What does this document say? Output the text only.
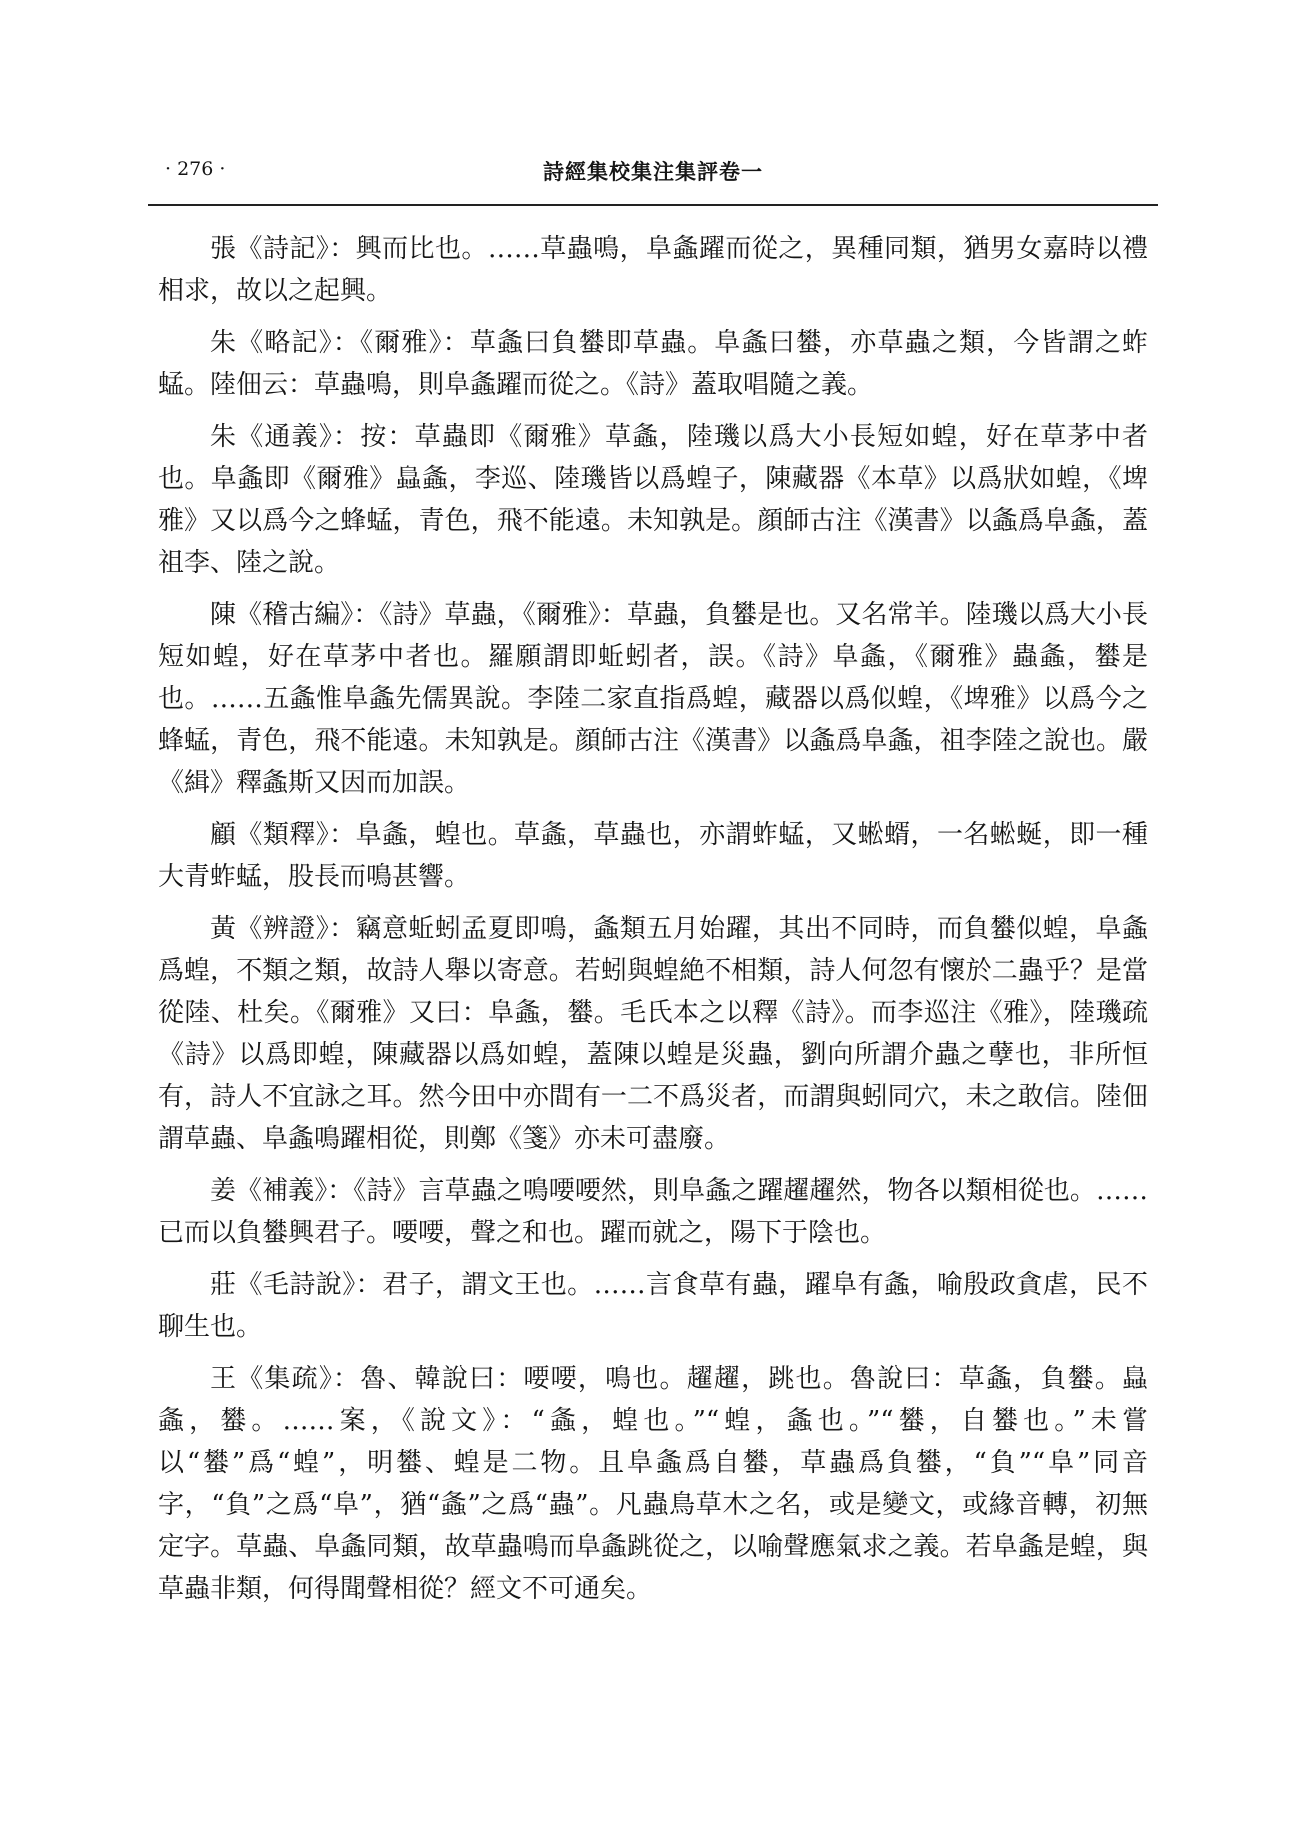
· 276 ·	詩經集校集注集評卷一

張《詩記》：興而比也。……草蟲鳴，阜螽躍而從之，異種同類，猶男女嘉時以禮相求，故以之起興。

朱《略記》：《爾雅》：草螽曰負蠜即草蟲。阜螽曰蠜，亦草蟲之類，今皆謂之蚱蜢。陸佃云：草蟲鳴，則阜螽躍而從之。《詩》蓋取唱隨之義。

朱《通義》：按：草蟲即《爾雅》草螽，陸璣以爲大小長短如蝗，好在草茅中者也。阜螽即《爾雅》𧒂螽，李巡、陸璣皆以爲蝗子，陳藏器《本草》以爲狀如蝗，《埤雅》又以爲今之蜂蜢，青色，飛不能遠。未知孰是。顔師古注《漢書》以螽爲阜螽，蓋祖李、陸之說。

陳《稽古編》：《詩》草蟲，《爾雅》：草蟲，負蠜是也。又名常羊。陸璣以爲大小長短如蝗，好在草茅中者也。羅願謂即蚯蚓者，誤。《詩》阜螽，《爾雅》蟲螽，蠜是也。……五螽惟阜螽先儒異說。李陸二家直指爲蝗，藏器以爲似蝗，《埤雅》以爲今之蜂蜢，青色，飛不能遠。未知孰是。顔師古注《漢書》以螽爲阜螽，祖李陸之說也。嚴《緝》釋螽斯又因而加誤。

顧《類釋》：阜螽，蝗也。草螽，草蟲也，亦謂蚱蜢，又蜙蝑，一名蜙蜒，即一種大青蚱蜢，股長而鳴甚響。

黃《辨證》：竊意蚯蚓孟夏即鳴，螽類五月始躍，其出不同時，而負蠜似蝗，阜螽爲蝗，不類之類，故詩人舉以寄意。若蚓與蝗絶不相類，詩人何忽有懷於二蟲乎？是當從陸、杜矣。《爾雅》又曰：阜螽，蠜。毛氏本之以釋《詩》。而李巡注《雅》，陸璣疏《詩》以爲即蝗，陳藏器以爲如蝗，蓋陳以蝗是災蟲，劉向所謂介蟲之孽也，非所恒有，詩人不宜詠之耳。然今田中亦間有一二不爲災者，而謂與蚓同穴，未之敢信。陸佃謂草蟲、阜螽鳴躍相從，則鄭《箋》亦未可盡廢。

姜《補義》：《詩》言草蟲之鳴喓喓然，則阜螽之躍趯趯然，物各以類相從也。……已而以負蠜興君子。喓喓，聲之和也。躍而就之，陽下于陰也。

莊《毛詩說》：君子，謂文王也。……言食草有蟲，躍阜有螽，喻殷政貪虐，民不聊生也。

王《集疏》：魯、韓說曰：喓喓，鳴也。趯趯，跳也。魯說曰：草螽，負蠜。𧒂螽，蠜。……案，《說文》：“螽，蝗也。”“蝗，螽也。”“蠜，自蠜也。”未嘗以“蠜”爲“蝗”，明蠜、蝗是二物。且阜螽爲自蠜，草蟲爲負蠜，“負”“阜”同音字，“負”之爲“阜”，猶“螽”之爲“蟲”。凡蟲鳥草木之名，或是變文，或緣音轉，初無定字。草蟲、阜螽同類，故草蟲鳴而阜螽跳從之，以喻聲應氣求之義。若阜螽是蝗，與草蟲非類，何得聞聲相從？經文不可通矣。
